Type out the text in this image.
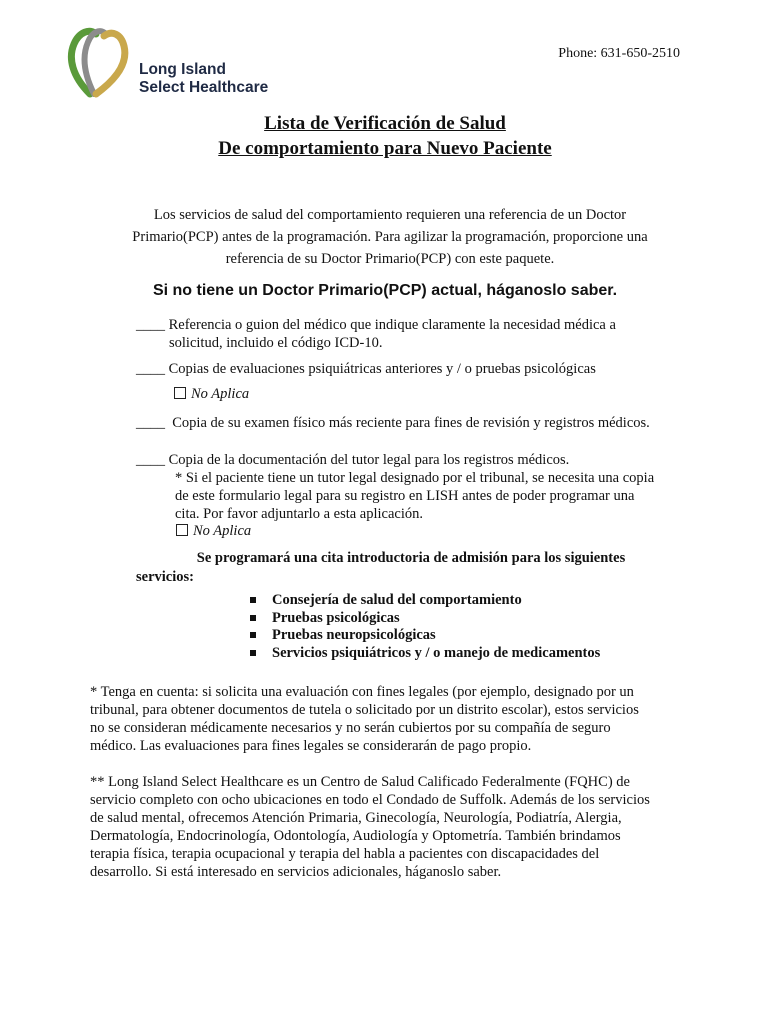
Long Island
Select Healthcare
Phone: 631-650-2510
Lista de Verificación de Salud
De comportamiento para Nuevo Paciente
Los servicios de salud del comportamiento requieren una referencia de un Doctor
Primario(PCP) antes de la programación. Para agilizar la programación, proporcione una
referencia de su Doctor Primario(PCP) con este paquete.
Si no tiene un Doctor Primario(PCP) actual, háganoslo saber.
____ Referencia o guion del médico que indique claramente la necesidad médica a
solicitud, incluido el código ICD-10.
____ Copias de evaluaciones psiquiátricas anteriores y / o pruebas psicológicas
No Aplica
____ Copia de su examen físico más reciente para fines de revisión y registros médicos.
____ Copia de la documentación del tutor legal para los registros médicos.
* Si el paciente tiene un tutor legal designado por el tribunal, se necesita una copia
de este formulario legal para su registro en LISH antes de poder programar una
cita. Por favor adjuntarlo a esta aplicación.
No Aplica
Se programará una cita introductoria de admisión para los siguientes
servicios:
Consejería de salud del comportamiento
Pruebas psicológicas
Pruebas neuropsicológicas
Servicios psiquiátricos y / o manejo de medicamentos
* Tenga en cuenta: si solicita una evaluación con fines legales (por ejemplo, designado por un
tribunal, para obtener documentos de tutela o solicitado por un distrito escolar), estos servicios
no se consideran médicamente necesarios y no serán cubiertos por su compañía de seguro
médico. Las evaluaciones para fines legales se considerarán de pago propio.
** Long Island Select Healthcare es un Centro de Salud Calificado Federalmente (FQHC) de
servicio completo con ocho ubicaciones en todo el Condado de Suffolk. Además de los servicios
de salud mental, ofrecemos Atención Primaria, Ginecología, Neurología, Podiatría, Alergia,
Dermatología, Endocrinología, Odontología, Audiología y Optometría. También brindamos
terapia física, terapia ocupacional y terapia del habla a pacientes con discapacidades del
desarrollo. Si está interesado en servicios adicionales, háganoslo saber.
